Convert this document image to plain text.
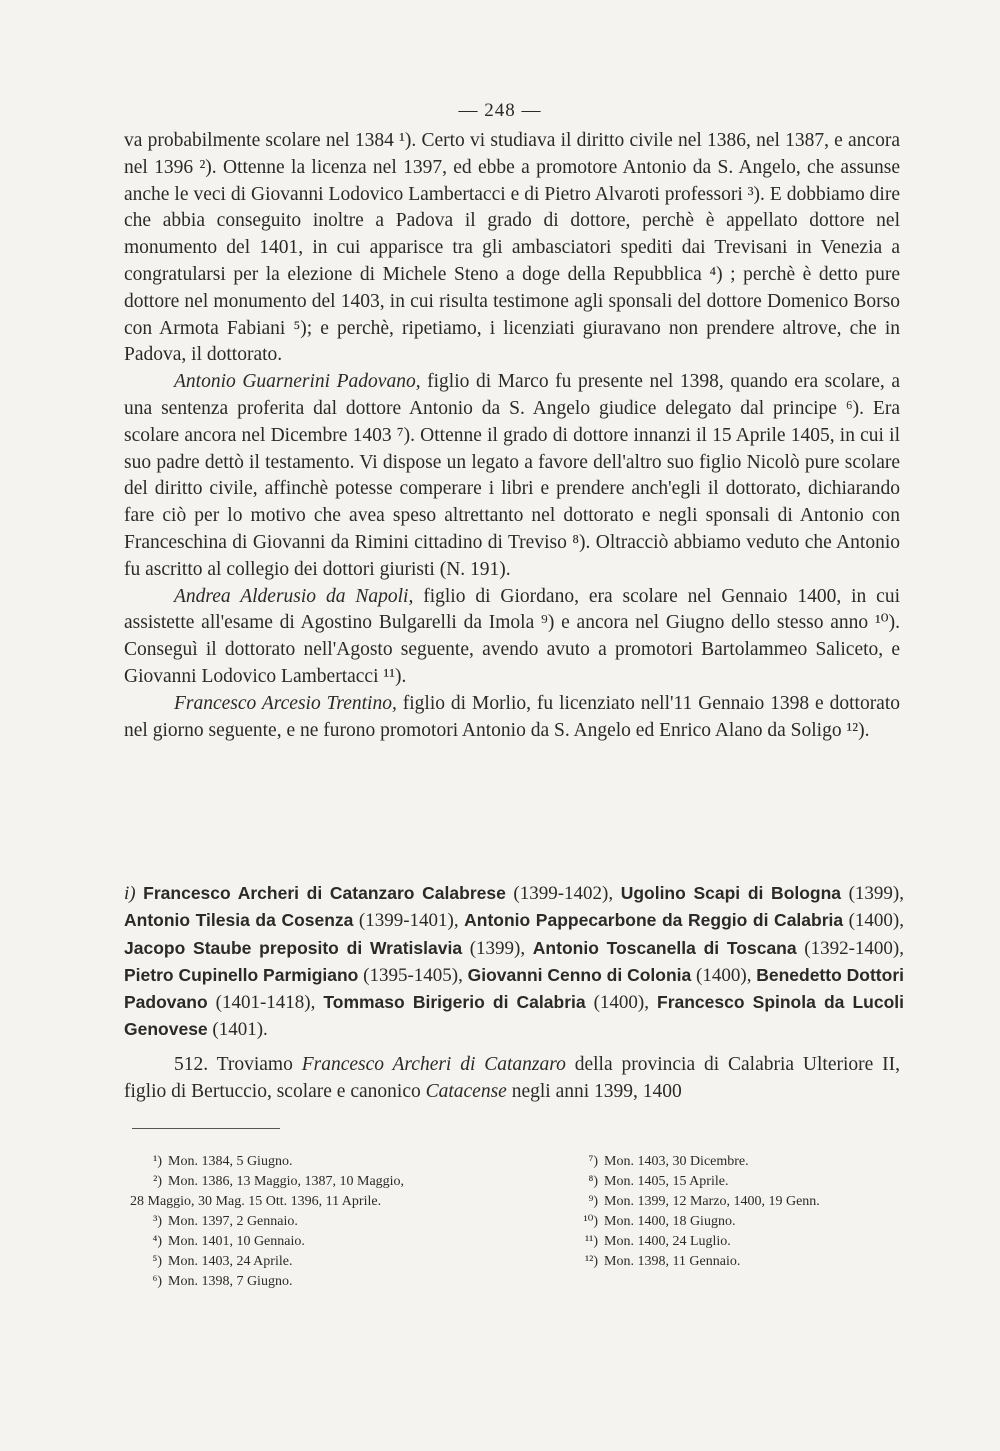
— 248 —

va probabilmente scolare nel 1384 ¹). Certo vi studiava il diritto civile nel 1386, nel 1387, e ancora nel 1396 ²). Ottenne la licenza nel 1397, ed ebbe a promotore Antonio da S. Angelo, che assunse anche le veci di Giovanni Lodovico Lambertacci e di Pietro Alvaroti professori ³). E dobbiamo dire che abbia conseguito inoltre a Padova il grado di dottore, perchè è appellato dottore nel monumento del 1401, in cui apparisce tra gli ambasciatori spediti dai Trevisani in Venezia a congratularsi per la elezione di Michele Steno a doge della Repubblica ⁴) ; perchè è detto pure dottore nel monumento del 1403, in cui risulta testimone agli sponsali del dottore Domenico Borso con Armota Fabiani ⁵); e perchè, ripetiamo, i licenziati giuravano non prendere altrove, che in Padova, il dottorato.

Antonio Guarnerini Padovano, figlio di Marco fu presente nel 1398, quando era scolare, a una sentenza proferita dal dottore Antonio da S. Angelo giudice delegato dal principe ⁶). Era scolare ancora nel Dicembre 1403 ⁷). Ottenne il grado di dottore innanzi il 15 Aprile 1405, in cui il suo padre dettò il testamento. Vi dispose un legato a favore dell'altro suo figlio Nicolò pure scolare del diritto civile, affinchè potesse comperare i libri e prendere anch'egli il dottorato, dichiarando fare ciò per lo motivo che avea speso altrettanto nel dottorato e negli sponsali di Antonio con Franceschina di Giovanni da Rimini cittadino di Treviso ⁸). Oltracciò abbiamo veduto che Antonio fu ascritto al collegio dei dottori giuristi (N. 191).

Andrea Alderusio da Napoli, figlio di Giordano, era scolare nel Gennaio 1400, in cui assistette all'esame di Agostino Bulgarelli da Imola ⁹) e ancora nel Giugno dello stesso anno ¹⁰). Conseguì il dottorato nell'Agosto seguente, avendo avuto a promotori Bartolammeo Saliceto, e Giovanni Lodovico Lambertacci ¹¹).

Francesco Arcesio Trentino, figlio di Morlio, fu licenziato nell'11 Gennaio 1398 e dottorato nel giorno seguente, e ne furono promotori Antonio da S. Angelo ed Enrico Alano da Soligo ¹²).

i) Francesco Archeri di Catanzaro Calabrese (1399-1402), Ugolino Scapi di Bologna (1399), Antonio Tilesia da Cosenza (1399-1401), Antonio Pappecarbone da Reggio di Calabria (1400), Jacopo Staube preposito di Wratislavia (1399), Antonio Toscanella di Toscana (1392-1400), Pietro Cupinello Parmigiano (1395-1405), Giovanni Cenno di Colonia (1400), Benedetto Dottori Padovano (1401-1418), Tommaso Birigerio di Calabria (1400), Francesco Spinola da Lucoli Genovese (1401).

512. Troviamo Francesco Archeri di Catanzaro della provincia di Calabria Ulteriore II, figlio di Bertuccio, scolare e canonico Catacense negli anni 1399, 1400

¹) Mon. 1384, 5 Giugno.
²) Mon. 1386, 13 Maggio, 1387, 10 Maggio,
28 Maggio, 30 Mag. 15 Ott. 1396, 11 Aprile.
³) Mon. 1397, 2 Gennaio.
⁴) Mon. 1401, 10 Gennaio.
⁵) Mon. 1403, 24 Aprile.
⁶) Mon. 1398, 7 Giugno.
⁷) Mon. 1403, 30 Dicembre.
⁸) Mon. 1405, 15 Aprile.
⁹) Mon. 1399, 12 Marzo, 1400, 19 Genn.
¹⁰) Mon. 1400, 18 Giugno.
¹¹) Mon. 1400, 24 Luglio.
¹²) Mon. 1398, 11 Gennaio.
